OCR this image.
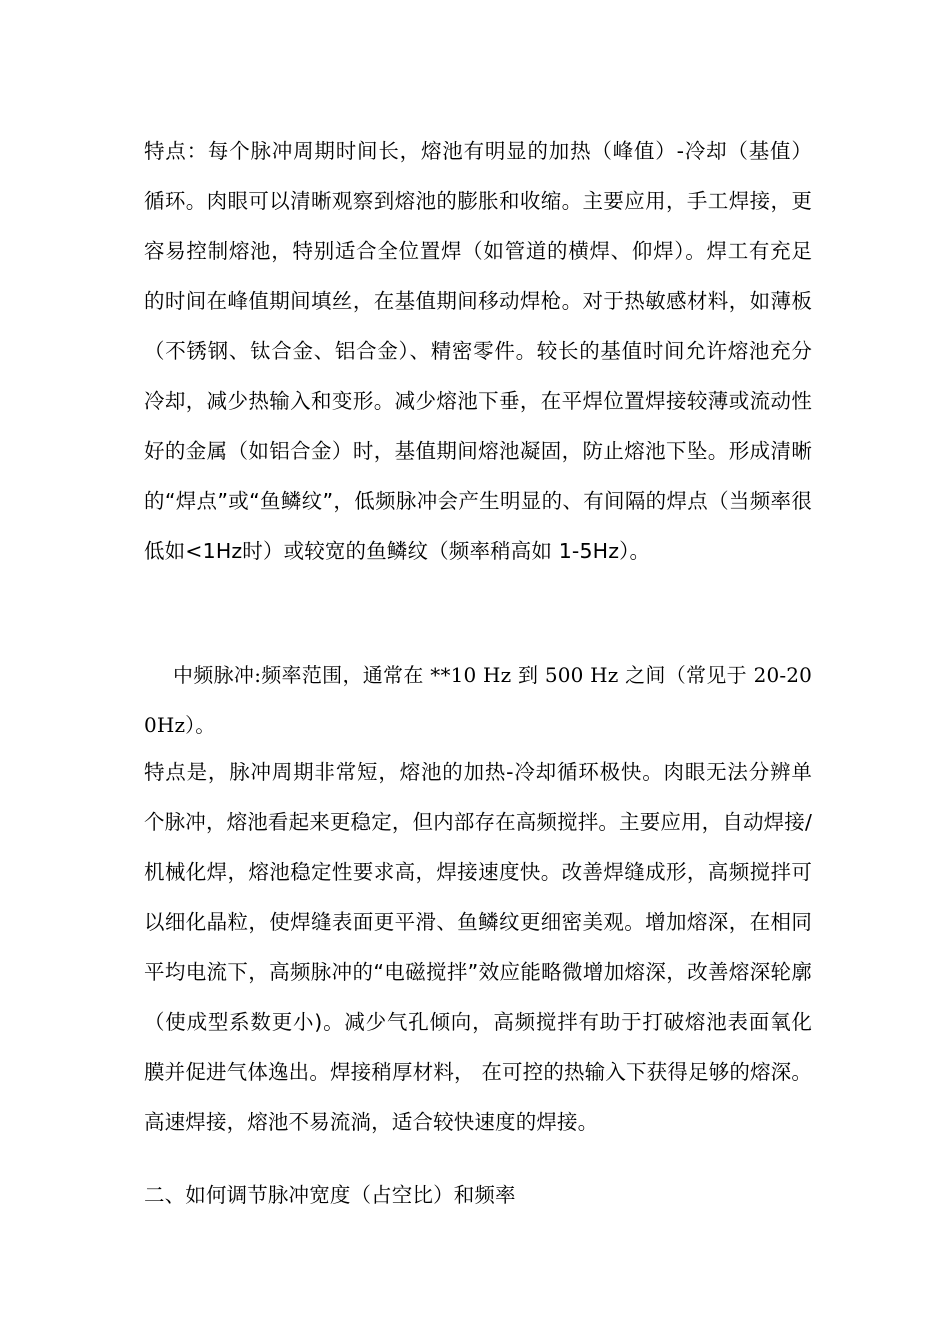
特点：每个脉冲周期时间长，熔池有明显的加热（峰值）-冷却（基值）循环。肉眼可以清晰观察到熔池的膨胀和收缩。主要应用，手工焊接，更容易控制熔池，特别适合全位置焊（如管道的横焊、仰焊）。焊工有充足的时间在峰值期间填丝，在基值期间移动焊枪。对于热敏感材料，如薄板（不锈钢、钛合金、铝合金）、精密零件。较长的基值时间允许熔池充分冷却，减少热输入和变形。减少熔池下垂，在平焊位置焊接较薄或流动性好的金属（如铝合金）时，基值期间熔池凝固，防止熔池下坠。形成清晰的“焊点”或“鱼鳞纹”，低频脉冲会产生明显的、有间隔的焊点（当频率很低如<1Hz时）或较宽的鱼鳞纹（频率稍高如 1-5Hz）。

中频脉冲:频率范围，通常在 **10 Hz 到 500 Hz 之间（常见于 20-200Hz）。

特点是，脉冲周期非常短，熔池的加热-冷却循环极快。肉眼无法分辨单个脉冲，熔池看起来更稳定，但内部存在高频搅拌。主要应用，自动焊接/机械化焊，熔池稳定性要求高，焊接速度快。改善焊缝成形，高频搅拌可以细化晶粒，使焊缝表面更平滑、鱼鳞纹更细密美观。增加熔深，在相同平均电流下，高频脉冲的“电磁搅拌”效应能略微增加熔深，改善熔深轮廓（使成型系数更小)。减少气孔倾向，高频搅拌有助于打破熔池表面氧化膜并促进气体逸出。焊接稍厚材料， 在可控的热输入下获得足够的熔深。高速焊接，熔池不易流淌，适合较快速度的焊接。

二、如何调节脉冲宽度（占空比）和频率
